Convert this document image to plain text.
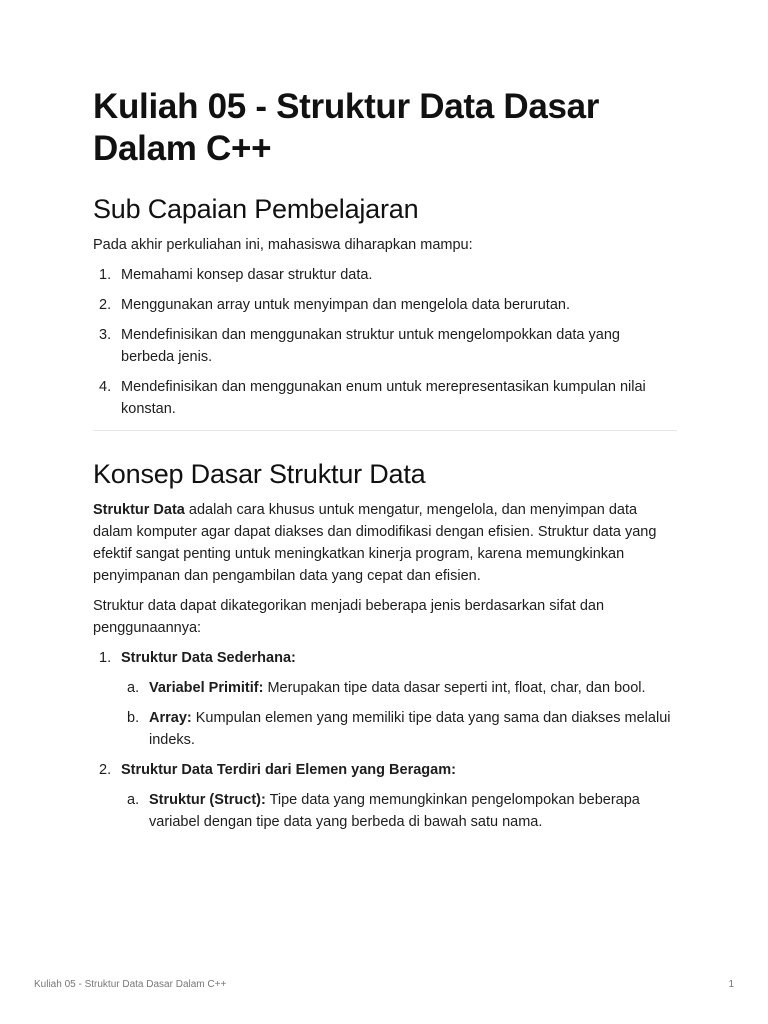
Kuliah 05 - Struktur Data Dasar Dalam C++
Sub Capaian Pembelajaran

Pada akhir perkuliahan ini, mahasiswa diharapkan mampu:

1. Memahami konsep dasar struktur data.
2. Menggunakan array untuk menyimpan dan mengelola data berurutan.
3. Mendefinisikan dan menggunakan struktur untuk mengelompokkan data yang berbeda jenis.
4. Mendefinisikan dan menggunakan enum untuk merepresentasikan kumpulan nilai konstan.
Konsep Dasar Struktur Data

Struktur Data adalah cara khusus untuk mengatur, mengelola, dan menyimpan data dalam komputer agar dapat diakses dan dimodifikasi dengan efisien. Struktur data yang efektif sangat penting untuk meningkatkan kinerja program, karena memungkinkan penyimpanan dan pengambilan data yang cepat dan efisien.

Struktur data dapat dikategorikan menjadi beberapa jenis berdasarkan sifat dan penggunaannya:

1. Struktur Data Sederhana:
a. Variabel Primitif: Merupakan tipe data dasar seperti int, float, char, dan bool.
b. Array: Kumpulan elemen yang memiliki tipe data yang sama dan diakses melalui indeks.
2. Struktur Data Terdiri dari Elemen yang Beragam:
a. Struktur (Struct): Tipe data yang memungkinkan pengelompokan beberapa variabel dengan tipe data yang berbeda di bawah satu nama.
Kuliah 05 - Struktur Data Dasar Dalam C++	1
